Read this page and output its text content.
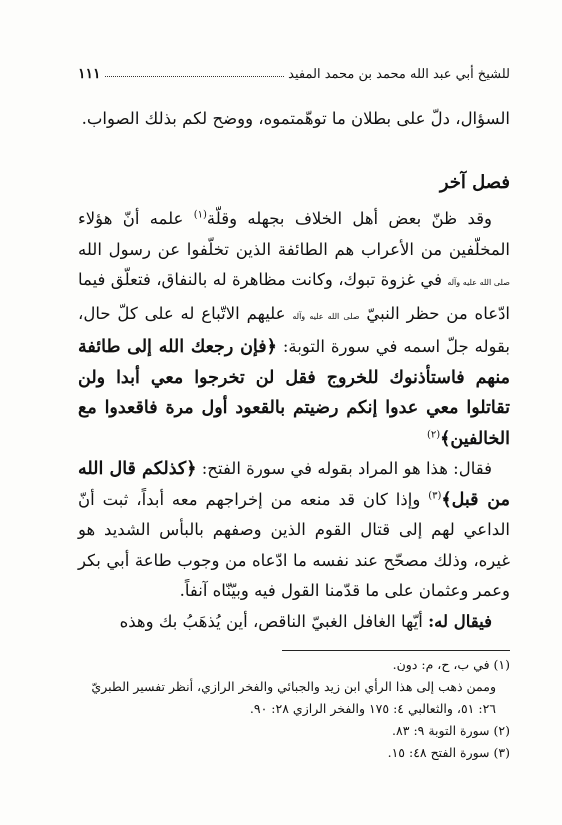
للشيخ أبي عبد الله محمد بن محمد المفيد
١١١
السؤال، دلّ على بطلان ما توهّمتموه، ووضح لكم بذلك الصواب.
فصل آخر

وقد ظنّ بعض أهل الخلاف بجهله وقلّة$^{(١)}$ علمه أنّ هؤلاء المخلّفين من الأعراب هم الطائفة الذين تخلّفوا عن رسول الله صلى الله عليه وآله في غزوة تبوك، وكانت مظاهرة له بالنفاق، فتعلّق فيما ادّعاه من حظر النبيّ صلى الله عليه وآله عليهم الاتّباع له على كلّ حال، بقوله جلّ اسمه في سورة التوبة: ﴿فإن رجعك الله إلى طائفة منهم فاستأذنوك للخروج فقل لن تخرجوا معي أبدا ولن تقاتلوا معي عدوا إنكم رضيتم بالقعود أول مرة فاقعدوا مع الخالفين﴾$^{(٢)}$

فقال: هذا هو المراد بقوله في سورة الفتح: ﴿كذلكم قال الله من قبل﴾$^{(٣)}$ وإذا كان قد منعه من إخراجهم معه أبداً، ثبت أنّ الداعي لهم إلى قتال القوم الذين وصفهم بالبأس الشديد هو غيره، وذلك مصحّح عند نفسه ما ادّعاه من وجوب طاعة أبي بكر وعمر وعثمان على ما قدّمنا القول فيه وبيّنّاه آنفاً.

فيقال له: أيّها الغافل الغبيّ الناقص، أين يُذهَبُ بك وهذه

(١) في ب، ح، م: دون.

وممن ذهب إلى هذا الرأي ابن زيد والجبائي والفخر الرازي، أنظر تفسير الطبريّ

٢٦: ٥١، والثعالبي ٤: ١٧٥ والفخر الرازي ٢٨: ٩٠.

(٢) سورة التوبة ٩: ٨٣.

(٣) سورة الفتح ٤٨: ١٥.
